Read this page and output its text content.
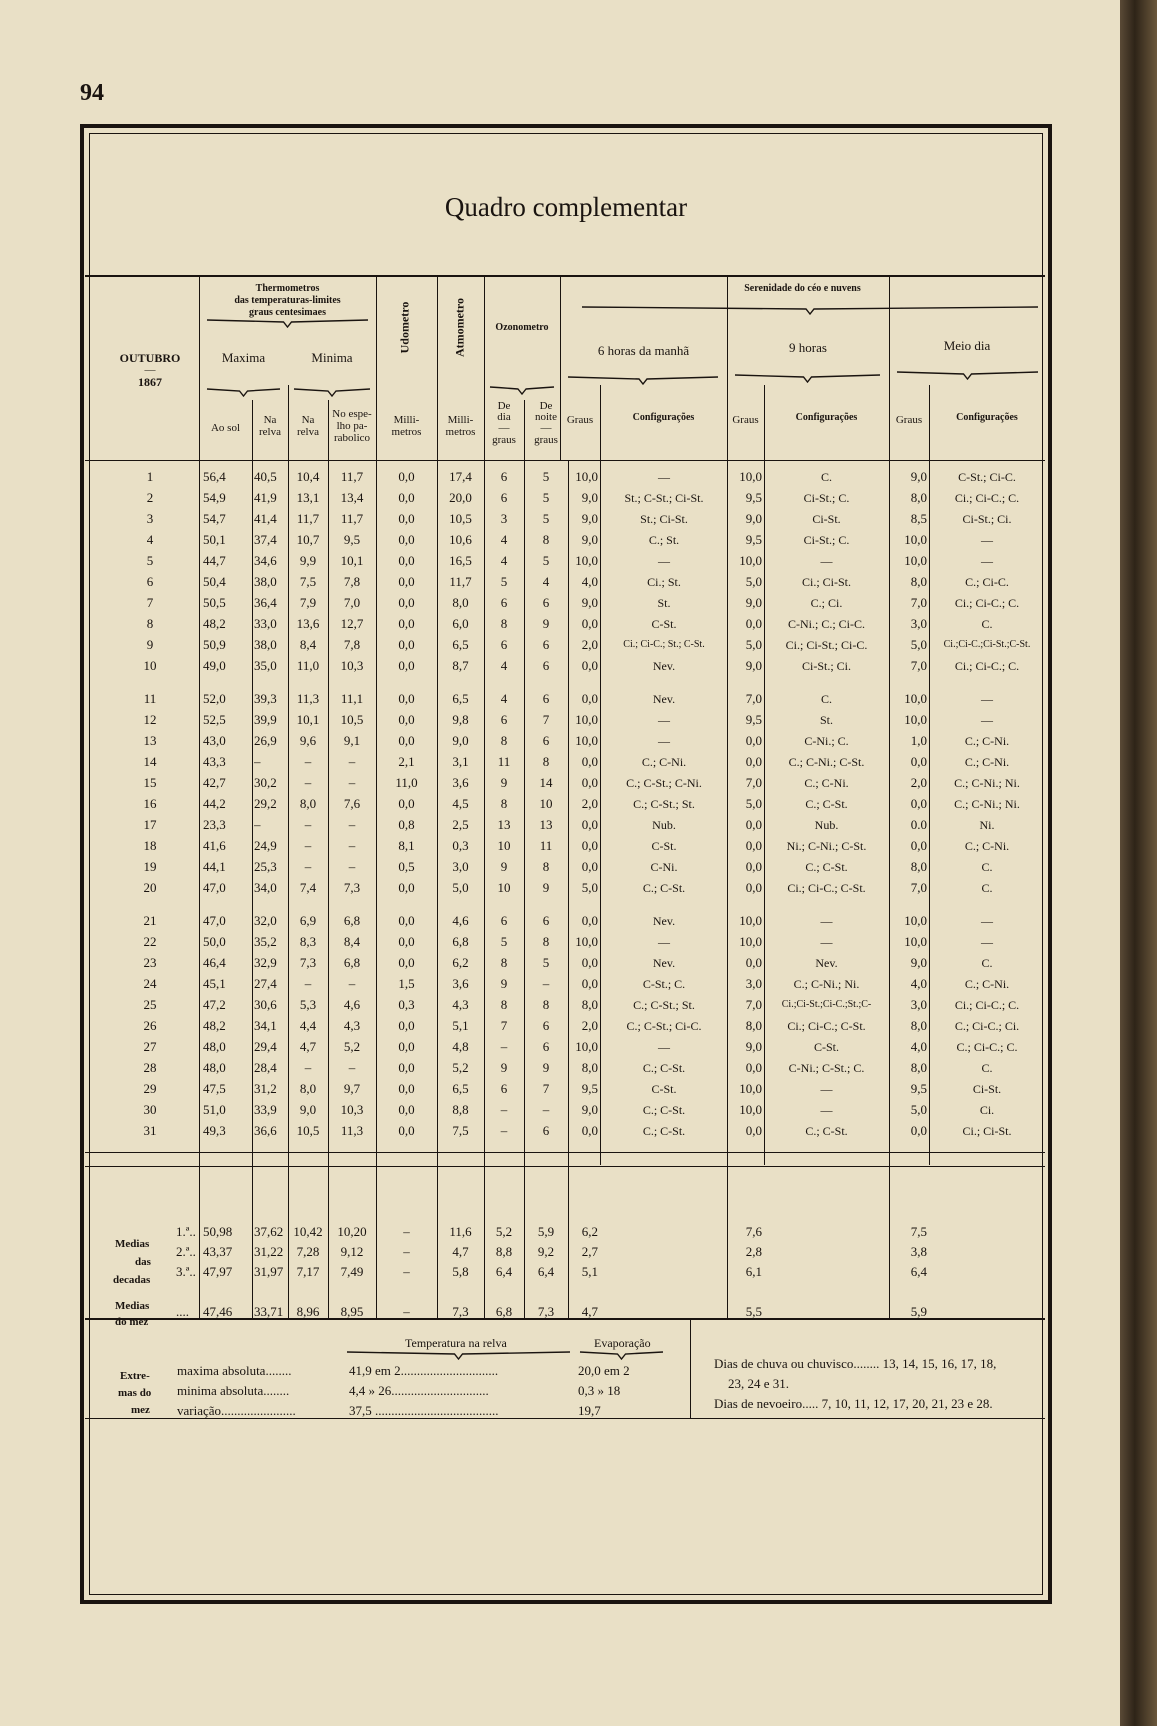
94
Quadro complementar
Thermometros
das temperaturas-limites
graus centesimaes
Maxima	Minima
OUTUBRO
—
1867
Udometro	Atmometro	Ozonometro
Serenidade do céo e nuvens
6 horas da manhã	9 horas	Meio dia
Ao sol
Na
relva
Na
relva
No espe-
lho pa-
rabolico
Milli-
metros
Milli-
metros
De
dia
—
graus
De
noite
—
graus
Graus	Graus	Graus
Configurações	Configurações	Configurações
1	56,4	40,5	10,4	11,7	0,0	17,4	6	5	10,0	—	10,0	C.	9,0	C-St.; Ci-C.
2	54,9	41,9	13,1	13,4	0,0	20,0	6	5	9,0	St.; C-St.; Ci-St.	9,5	Ci-St.; C.	8,0	Ci.; Ci-C.; C.
3	54,7	41,4	11,7	11,7	0,0	10,5	3	5	9,0	St.; Ci-St.	9,0	Ci-St.	8,5	Ci-St.; Ci.
4	50,1	37,4	10,7	9,5	0,0	10,6	4	8	9,0	C.; St.	9,5	Ci-St.; C.	10,0	—
5	44,7	34,6	9,9	10,1	0,0	16,5	4	5	10,0	—	10,0	—	10,0	—
6	50,4	38,0	7,5	7,8	0,0	11,7	5	4	4,0	Ci.; St.	5,0	Ci.; Ci-St.	8,0	C.; Ci-C.
7	50,5	36,4	7,9	7,0	0,0	8,0	6	6	9,0	St.	9,0	C.; Ci.	7,0	Ci.; Ci-C.; C.
8	48,2	33,0	13,6	12,7	0,0	6,0	8	9	0,0	C-St.	0,0	C-Ni.; C.; Ci-C.	3,0	C.
9	50,9	38,0	8,4	7,8	0,0	6,5	6	6	2,0	Ci.; Ci-C.; St.; C-St.	5,0	Ci.; Ci-St.; Ci-C.	5,0	Ci.;Ci-C.;Ci-St.;C-St.
10	49,0	35,0	11,0	10,3	0,0	8,7	4	6	0,0	Nev.	9,0	Ci-St.; Ci.	7,0	Ci.; Ci-C.; C.
11	52,0	39,3	11,3	11,1	0,0	6,5	4	6	0,0	Nev.	7,0	C.	10,0	—
12	52,5	39,9	10,1	10,5	0,0	9,8	6	7	10,0	—	9,5	St.	10,0	—
13	43,0	26,9	9,6	9,1	0,0	9,0	8	6	10,0	—	0,0	C-Ni.; C.	1,0	C.; C-Ni.
14	43,3	–	–	–	2,1	3,1	11	8	0,0	C.; C-Ni.	0,0	C.; C-Ni.; C-St.	0,0	C.; C-Ni.
15	42,7	30,2	–	–	11,0	3,6	9	14	0,0	C.; C-St.; C-Ni.	7,0	C.; C-Ni.	2,0	C.; C-Ni.; Ni.
16	44,2	29,2	8,0	7,6	0,0	4,5	8	10	2,0	C.; C-St.; St.	5,0	C.; C-St.	0,0	C.; C-Ni.; Ni.
17	23,3	–	–	–	0,8	2,5	13	13	0,0	Nub.	0,0	Nub.	0.0	Ni.
18	41,6	24,9	–	–	8,1	0,3	10	11	0,0	C-St.	0,0	Ni.; C-Ni.; C-St.	0,0	C.; C-Ni.
19	44,1	25,3	–	–	0,5	3,0	9	8	0,0	C-Ni.	0,0	C.; C-St.	8,0	C.
20	47,0	34,0	7,4	7,3	0,0	5,0	10	9	5,0	C.; C-St.	0,0	Ci.; Ci-C.; C-St.	7,0	C.
21	47,0	32,0	6,9	6,8	0,0	4,6	6	6	0,0	Nev.	10,0	—	10,0	—
22	50,0	35,2	8,3	8,4	0,0	6,8	5	8	10,0	—	10,0	—	10,0	—
23	46,4	32,9	7,3	6,8	0,0	6,2	8	5	0,0	Nev.	0,0	Nev.	9,0	C.
24	45,1	27,4	–	–	1,5	3,6	9	–	0,0	C-St.; C.	3,0	C.; C-Ni.; Ni.	4,0	C.; C-Ni.
25	47,2	30,6	5,3	4,6	0,3	4,3	8	8	8,0	C.; C-St.; St.	7,0	Ci.;Ci-St.;Ci-C.;St.;C-	3,0	Ci.; Ci-C.; C.
26	48,2	34,1	4,4	4,3	0,0	5,1	7	6	2,0	C.; C-St.; Ci-C.	8,0	Ci.; Ci-C.; C-St.	8,0	C.; Ci-C.; Ci.
27	48,0	29,4	4,7	5,2	0,0	4,8	–	6	10,0	—	9,0	C-St.	4,0	C.; Ci-C.; C.
28	48,0	28,4	–	–	0,0	5,2	9	9	8,0	C.; C-St.	0,0	C-Ni.; C-St.; C.	8,0	C.
29	47,5	31,2	8,0	9,7	0,0	6,5	6	7	9,5	C-St.	10,0	—	9,5	Ci-St.
30	51,0	33,9	9,0	10,3	0,0	8,8	–	–	9,0	C.; C-St.	10,0	—	5,0	Ci.
31	49,3	36,6	10,5	11,3	0,0	7,5	–	6	0,0	C.; C-St.	0,0	C.; C-St.	0,0	Ci.; Ci-St.
Medias
das
decadas
Medias
do mez
1.ª.. 50,98	37,62 10,42	10,20	–	11,6	5,2	5,9	6,2	7,6	7,5
2.ª.. 43,37	31,22	7,28	9,12	–	4,7	8,8	9,2	2,7	2,8	3,8
3.ª.. 47,97	31,97	7,17	7,49	–	5,8	6,4	6,4	5,1	6,1	6,4
....	47,46	33,71	8,96	8,95	–	7,3	6,8	7,3	4,7	5,5	5,9
Extre-
mas do
mez
Temperatura na relva	Evaporação
maxima absoluta........	41,9 em 2..............................	20,0 em 2
minima absoluta........	4,4 » 26..............................	0,3 » 18
variação.......................	37,5 ......................................	19,7
Dias de chuva ou chuvisco........ 13, 14, 15, 16, 17, 18,
23, 24 e 31.
Dias de nevoeiro..... 7, 10, 11, 12, 17, 20, 21, 23 e 28.
